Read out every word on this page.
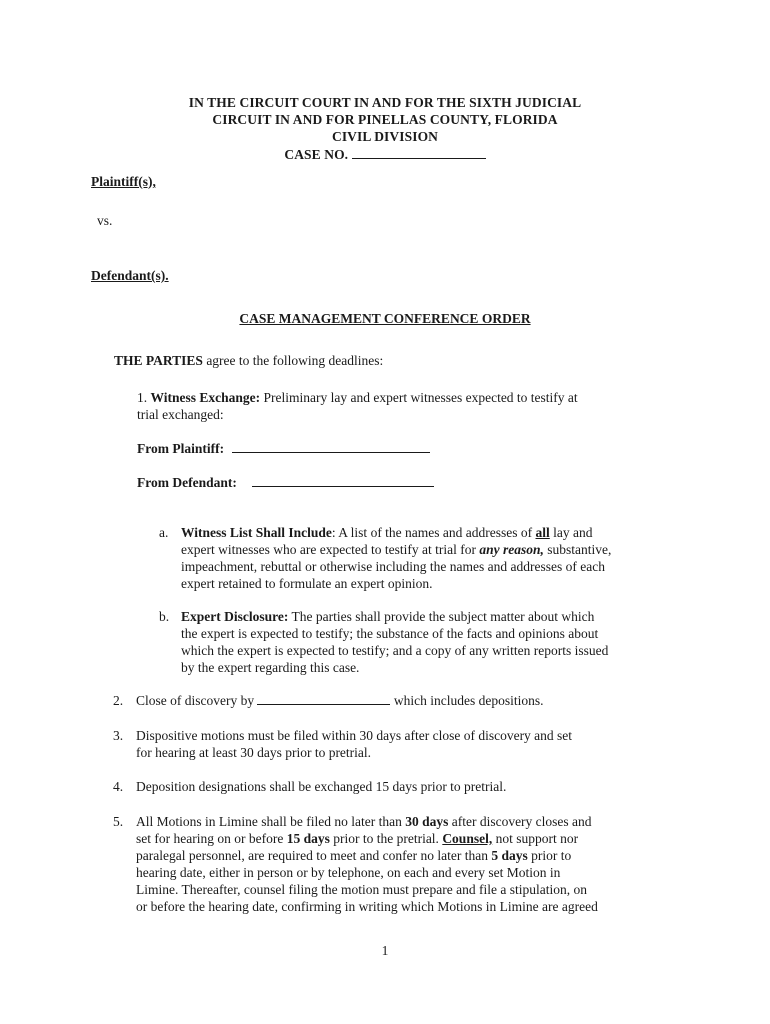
IN THE CIRCUIT COURT IN AND FOR THE SIXTH JUDICIAL
CIRCUIT IN AND FOR PINELLAS COUNTY, FLORIDA
CIVIL DIVISION
CASE NO.
Plaintiff(s),
vs.
Defendant(s).
CASE MANAGEMENT CONFERENCE ORDER
THE PARTIES agree to the following deadlines:
1. Witness Exchange: Preliminary lay and expert witnesses expected to testify at
trial exchanged:
From Plaintiff:
From Defendant:
a. Witness List Shall Include: A list of the names and addresses of all lay and
expert witnesses who are expected to testify at trial for any reason, substantive,
impeachment, rebuttal or otherwise including the names and addresses of each
expert retained to formulate an expert opinion.
b. Expert Disclosure: The parties shall provide the subject matter about which
the expert is expected to testify; the substance of the facts and opinions about
which the expert is expected to testify; and a copy of any written reports issued
by the expert regarding this case.
2. Close of discovery by	which includes depositions.
3. Dispositive motions must be filed within 30 days after close of discovery and set
for hearing at least 30 days prior to pretrial.
4. Deposition designations shall be exchanged 15 days prior to pretrial.
5. All Motions in Limine shall be filed no later than 30 days after discovery closes and
set for hearing on or before 15 days prior to the pretrial. Counsel, not support nor
paralegal personnel, are required to meet and confer no later than 5 days prior to
hearing date, either in person or by telephone, on each and every set Motion in
Limine. Thereafter, counsel filing the motion must prepare and file a stipulation, on
or before the hearing date, confirming in writing which Motions in Limine are agreed
1
